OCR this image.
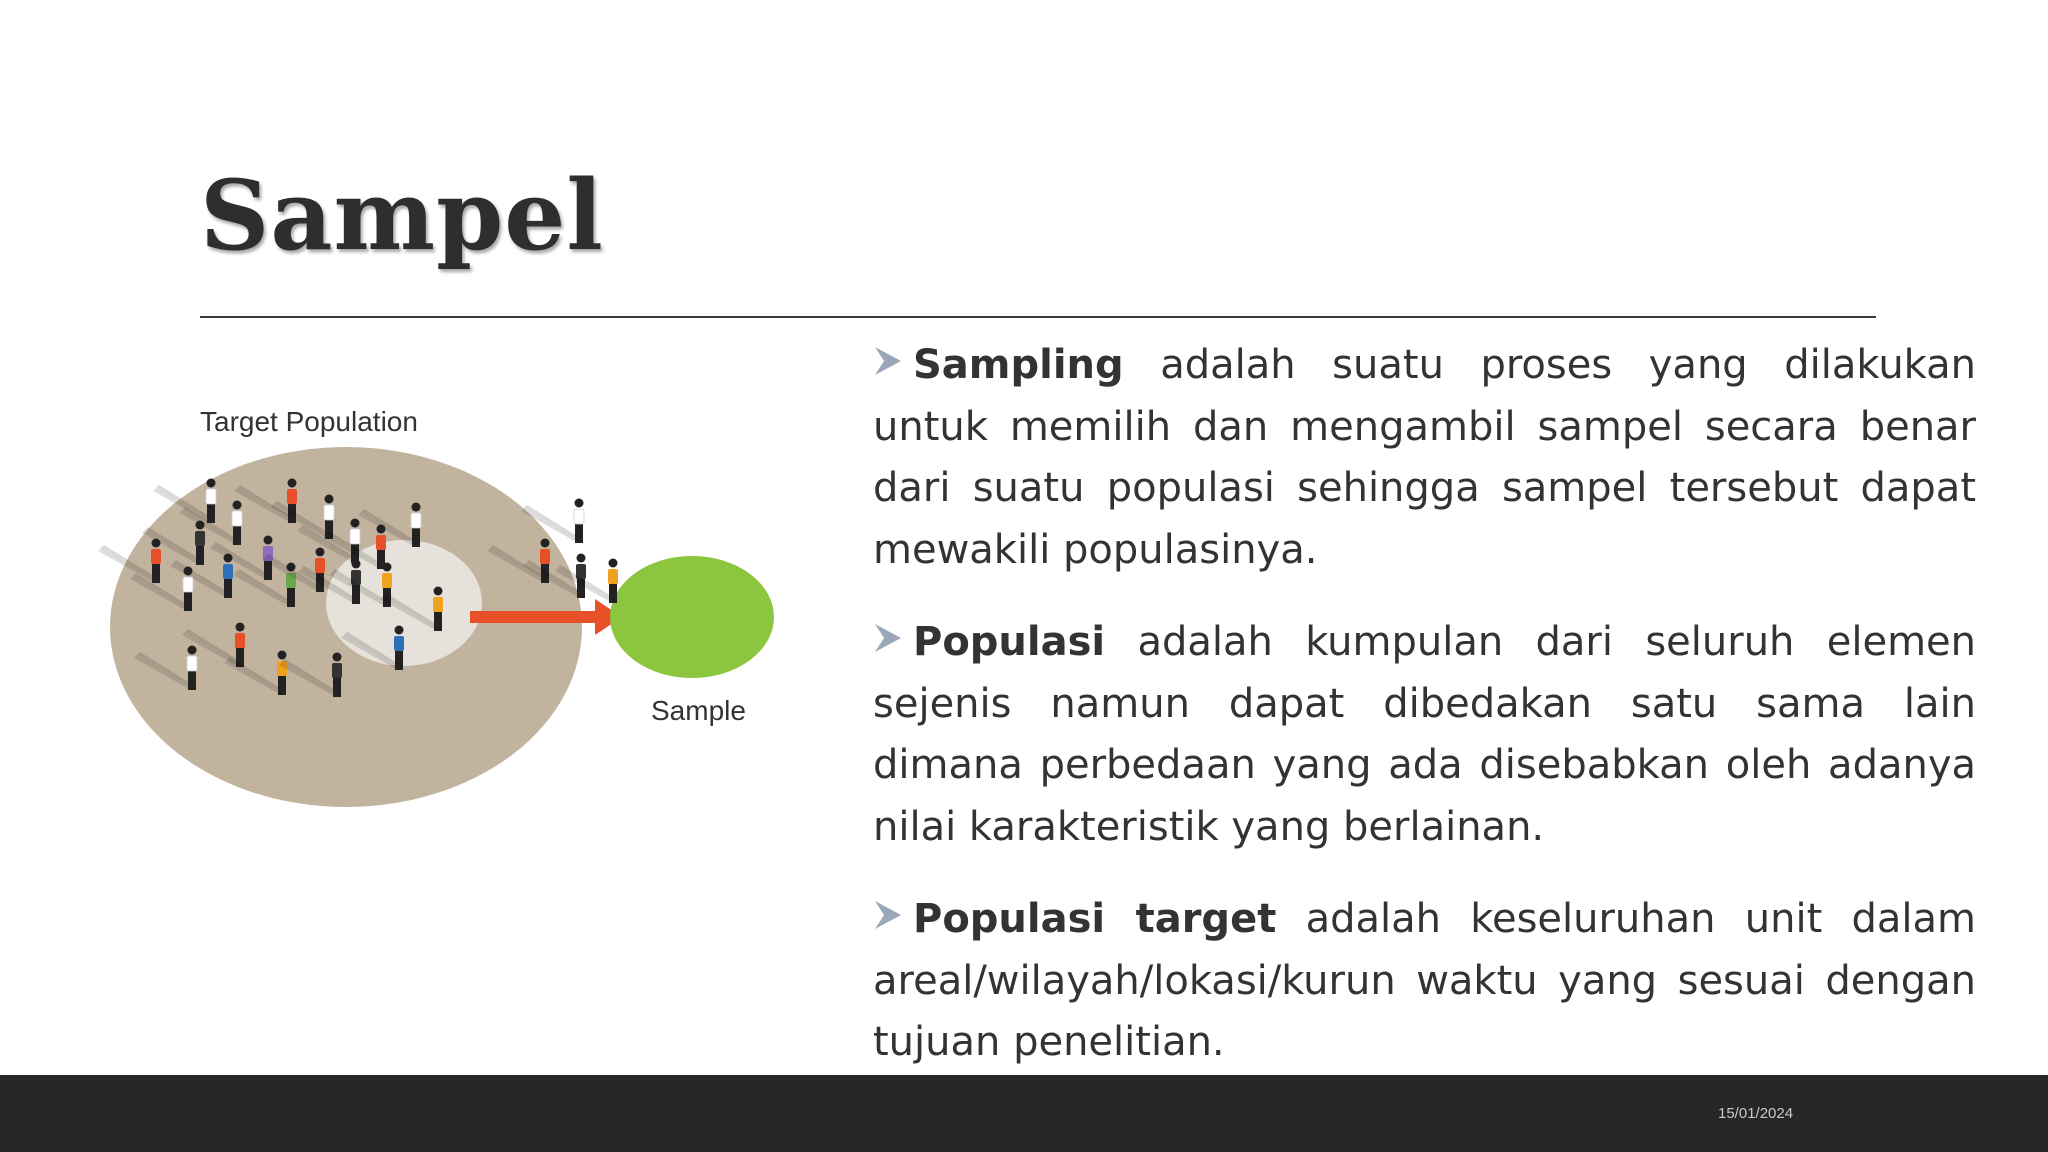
Sampel
Target Population
Sample
Sampling adalah suatu proses yang dilakukan untuk memilih dan mengambil sampel secara benar dari suatu populasi sehingga sampel tersebut dapat mewakili populasinya.
Populasi adalah kumpulan dari seluruh elemen sejenis namun dapat dibedakan satu sama lain dimana perbedaan yang ada disebabkan oleh adanya nilai karakteristik yang berlainan.
Populasi target adalah keseluruhan unit dalam areal/wilayah/lokasi/kurun waktu yang sesuai dengan tujuan penelitian.
15/01/2024
